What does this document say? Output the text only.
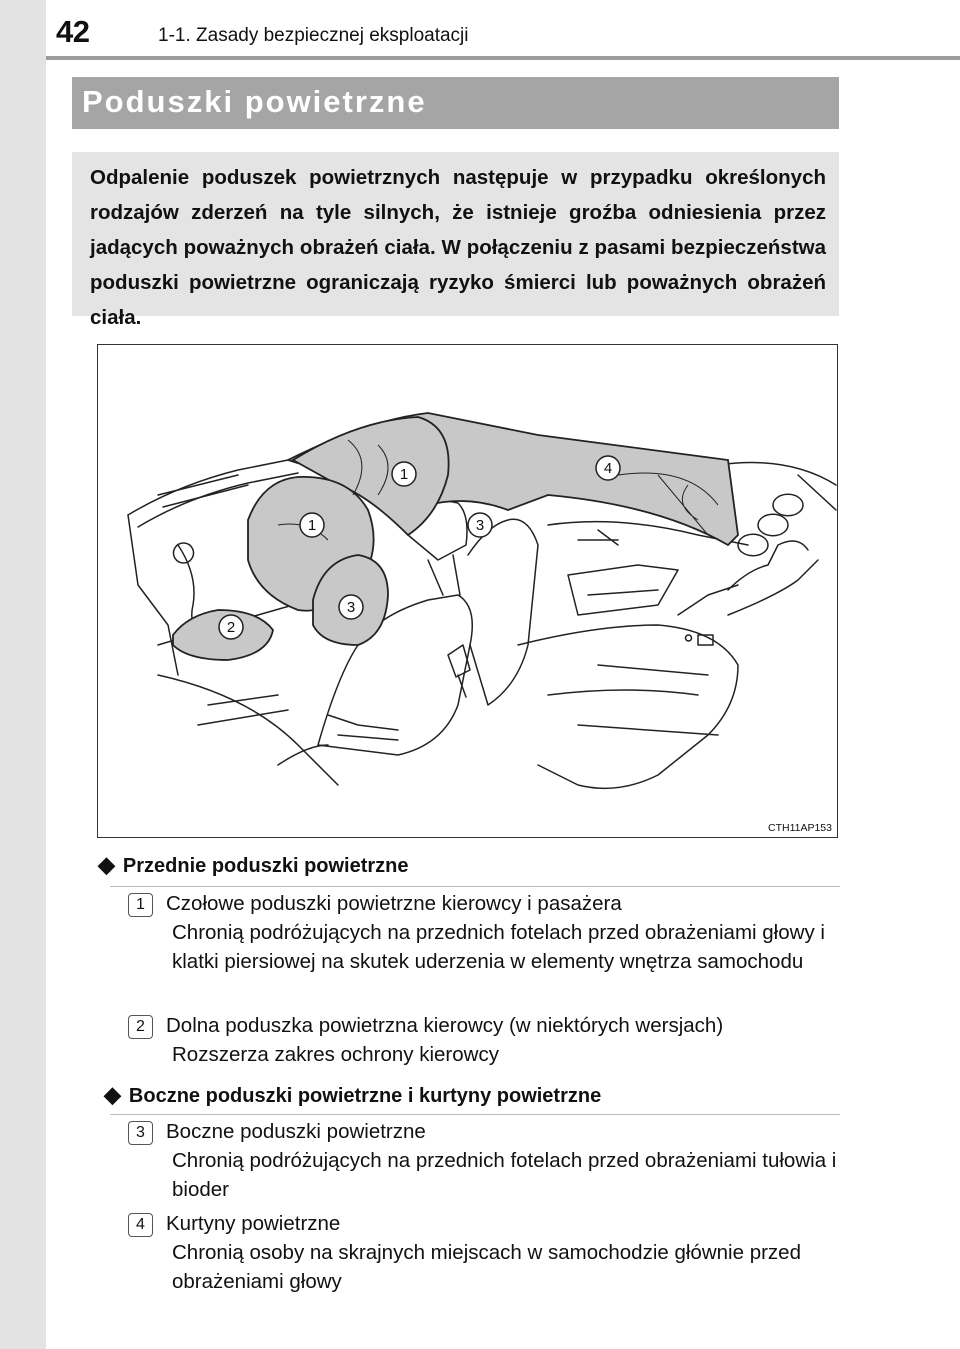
42	1-1. Zasady bezpiecznej eksploatacji
Poduszki powietrzne

Odpalenie poduszek powietrznych następuje w przypadku określonych rodzajów zderzeń na tyle silnych, że istnieje groźba odniesienia przez jadących poważnych obrażeń ciała. W połączeniu z pasami bezpieczeństwa poduszki powietrzne ograniczają ryzyko śmierci lub poważnych obrażeń ciała.

1
1
2
3
3
4
CTH11AP153
◆ Przednie poduszki powietrzne
1	Czołowe poduszki powietrzne kierowcy i pasażera
Chronią podróżujących na przednich fotelach przed obrażeniami głowy i klatki piersiowej na skutek uderzenia w elementy wnętrza samochodu
2	Dolna poduszka powietrzna kierowcy (w niektórych wersjach)
Rozszerza zakres ochrony kierowcy
◆ Boczne poduszki powietrzne i kurtyny powietrzne
3	Boczne poduszki powietrzne
Chronią podróżujących na przednich fotelach przed obrażeniami tułowia i bioder
4	Kurtyny powietrzne
Chronią osoby na skrajnych miejscach w samochodzie głównie przed obrażeniami głowy
